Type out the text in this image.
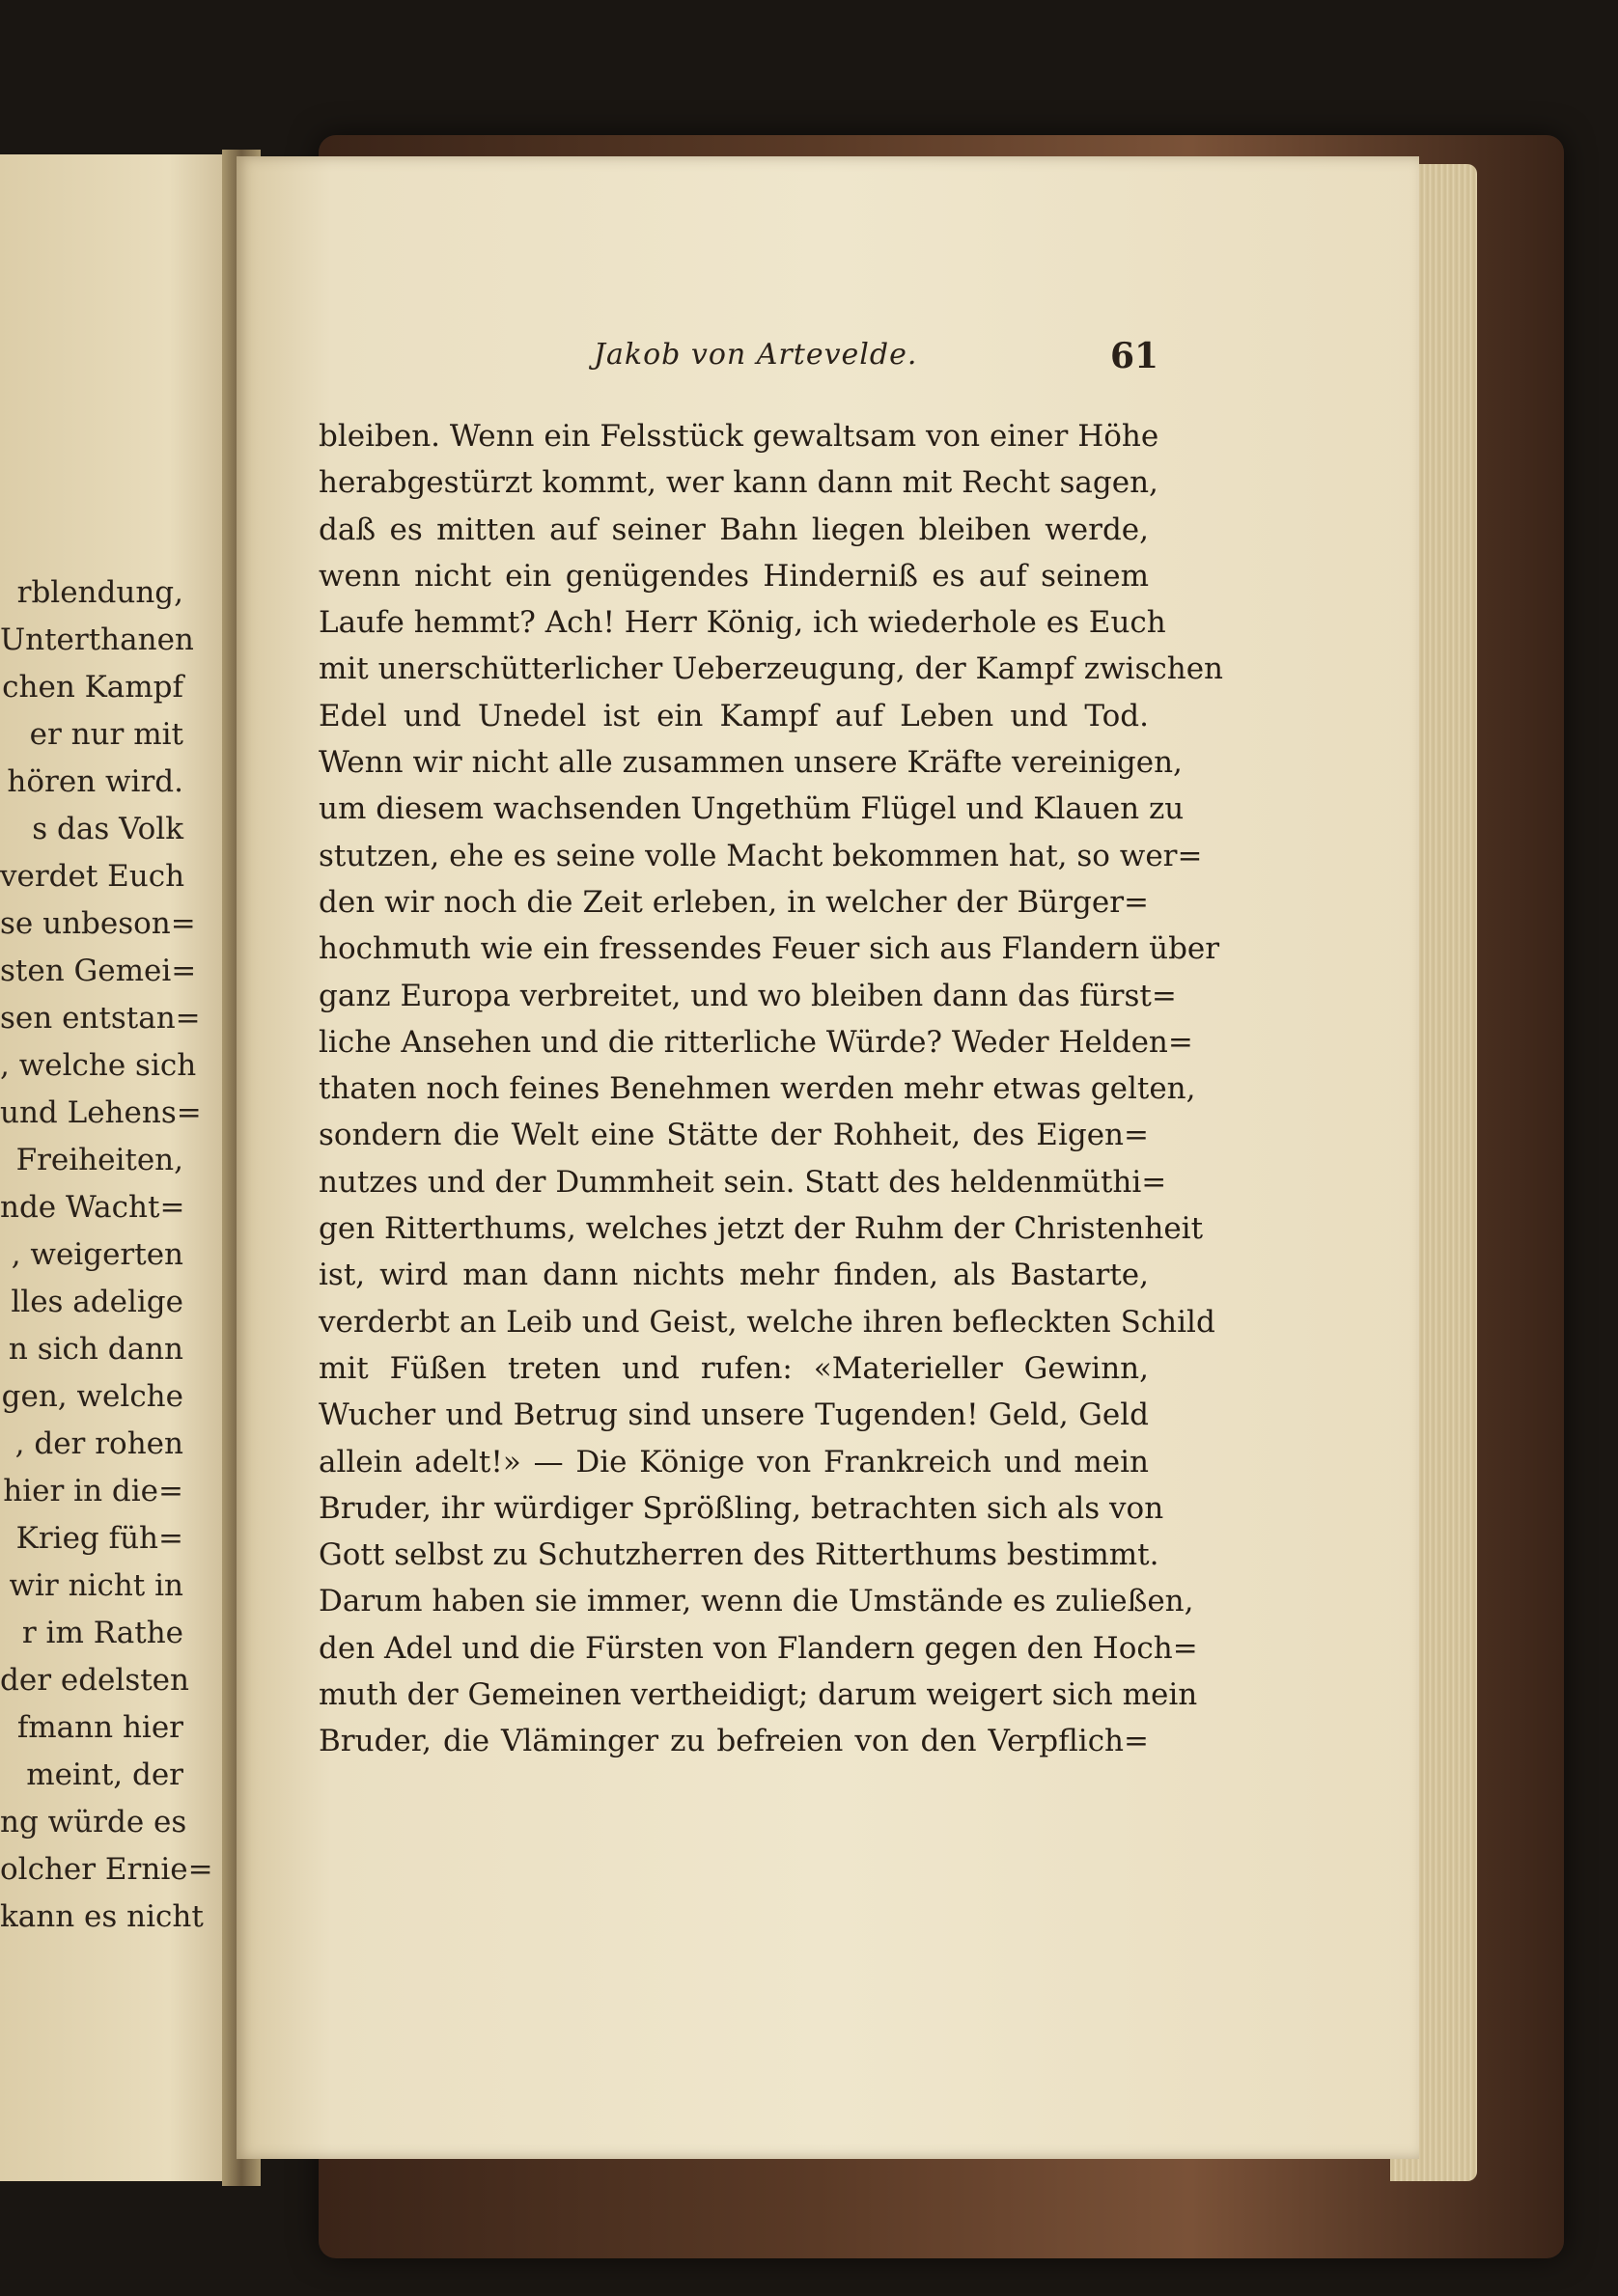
rblendung,
Unterthanen
chen Kampf
er nur mit
hören wird.
s das Volk
verdet Euch
se unbeson=
sten Gemei=
sen entstan=
, welche sich
und Lehens=
Freiheiten,
nde Wacht=
, weigerten
lles adelige
n sich dann
gen, welche
, der rohen
hier in die=
Krieg füh=
wir nicht in
r im Rathe
der edelsten
fmann hier
meint, der
ng würde es
olcher Ernie=
kann es nicht
Jakob von Artevelde.	61
bleiben. Wenn ein Felsstück gewaltsam von einer Höhe
herabgestürzt kommt, wer kann dann mit Recht sagen,
daß es mitten auf seiner Bahn liegen bleiben werde,
wenn nicht ein genügendes Hinderniß es auf seinem
Laufe hemmt? Ach! Herr König, ich wiederhole es Euch
mit unerschütterlicher Ueberzeugung, der Kampf zwischen
Edel und Unedel ist ein Kampf auf Leben und Tod.
Wenn wir nicht alle zusammen unsere Kräfte vereinigen,
um diesem wachsenden Ungethüm Flügel und Klauen zu
stutzen, ehe es seine volle Macht bekommen hat, so wer=
den wir noch die Zeit erleben, in welcher der Bürger=
hochmuth wie ein fressendes Feuer sich aus Flandern über
ganz Europa verbreitet, und wo bleiben dann das fürst=
liche Ansehen und die ritterliche Würde? Weder Helden=
thaten noch feines Benehmen werden mehr etwas gelten,
sondern die Welt eine Stätte der Rohheit, des Eigen=
nutzes und der Dummheit sein. Statt des heldenmüthi=
gen Ritterthums, welches jetzt der Ruhm der Christenheit
ist, wird man dann nichts mehr finden, als Bastarte,
verderbt an Leib und Geist, welche ihren befleckten Schild
mit Füßen treten und rufen: «Materieller Gewinn,
Wucher und Betrug sind unsere Tugenden! Geld, Geld
allein adelt!» — Die Könige von Frankreich und mein
Bruder, ihr würdiger Sprößling, betrachten sich als von
Gott selbst zu Schutzherren des Ritterthums bestimmt.
Darum haben sie immer, wenn die Umstände es zuließen,
den Adel und die Fürsten von Flandern gegen den Hoch=
muth der Gemeinen vertheidigt; darum weigert sich mein
Bruder, die Vläminger zu befreien von den Verpflich=
